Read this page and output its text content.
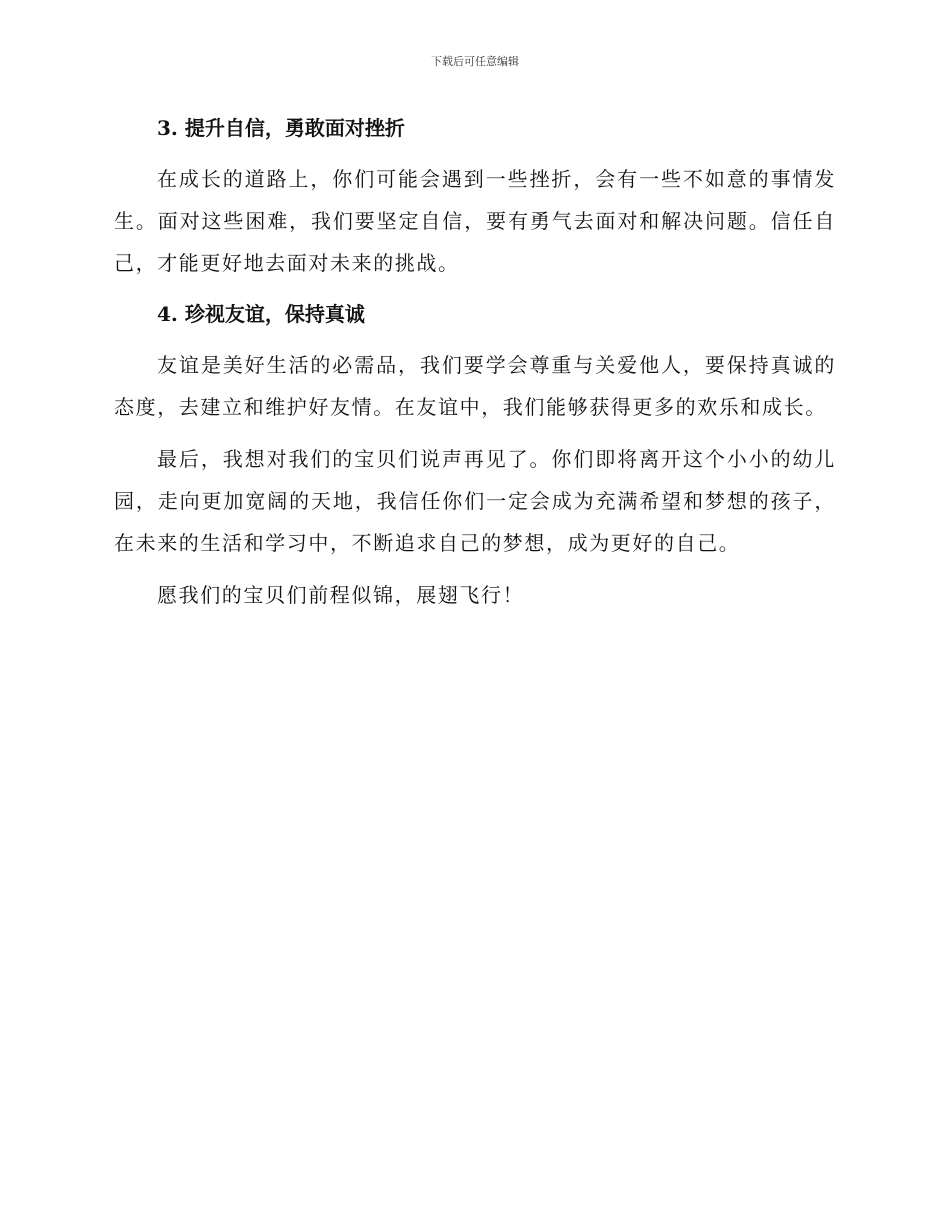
下载后可任意编辑

3. 提升自信，勇敢面对挫折

在成长的道路上，你们可能会遇到一些挫折，会有一些不如意的事情发生。面对这些困难，我们要坚定自信，要有勇气去面对和解决问题。信任自己，才能更好地去面对未来的挑战。

4. 珍视友谊，保持真诚

友谊是美好生活的必需品，我们要学会尊重与关爱他人，要保持真诚的态度，去建立和维护好友情。在友谊中，我们能够获得更多的欢乐和成长。

最后，我想对我们的宝贝们说声再见了。你们即将离开这个小小的幼儿园，走向更加宽阔的天地，我信任你们一定会成为充满希望和梦想的孩子，在未来的生活和学习中，不断追求自己的梦想，成为更好的自己。

愿我们的宝贝们前程似锦，展翅飞行！
